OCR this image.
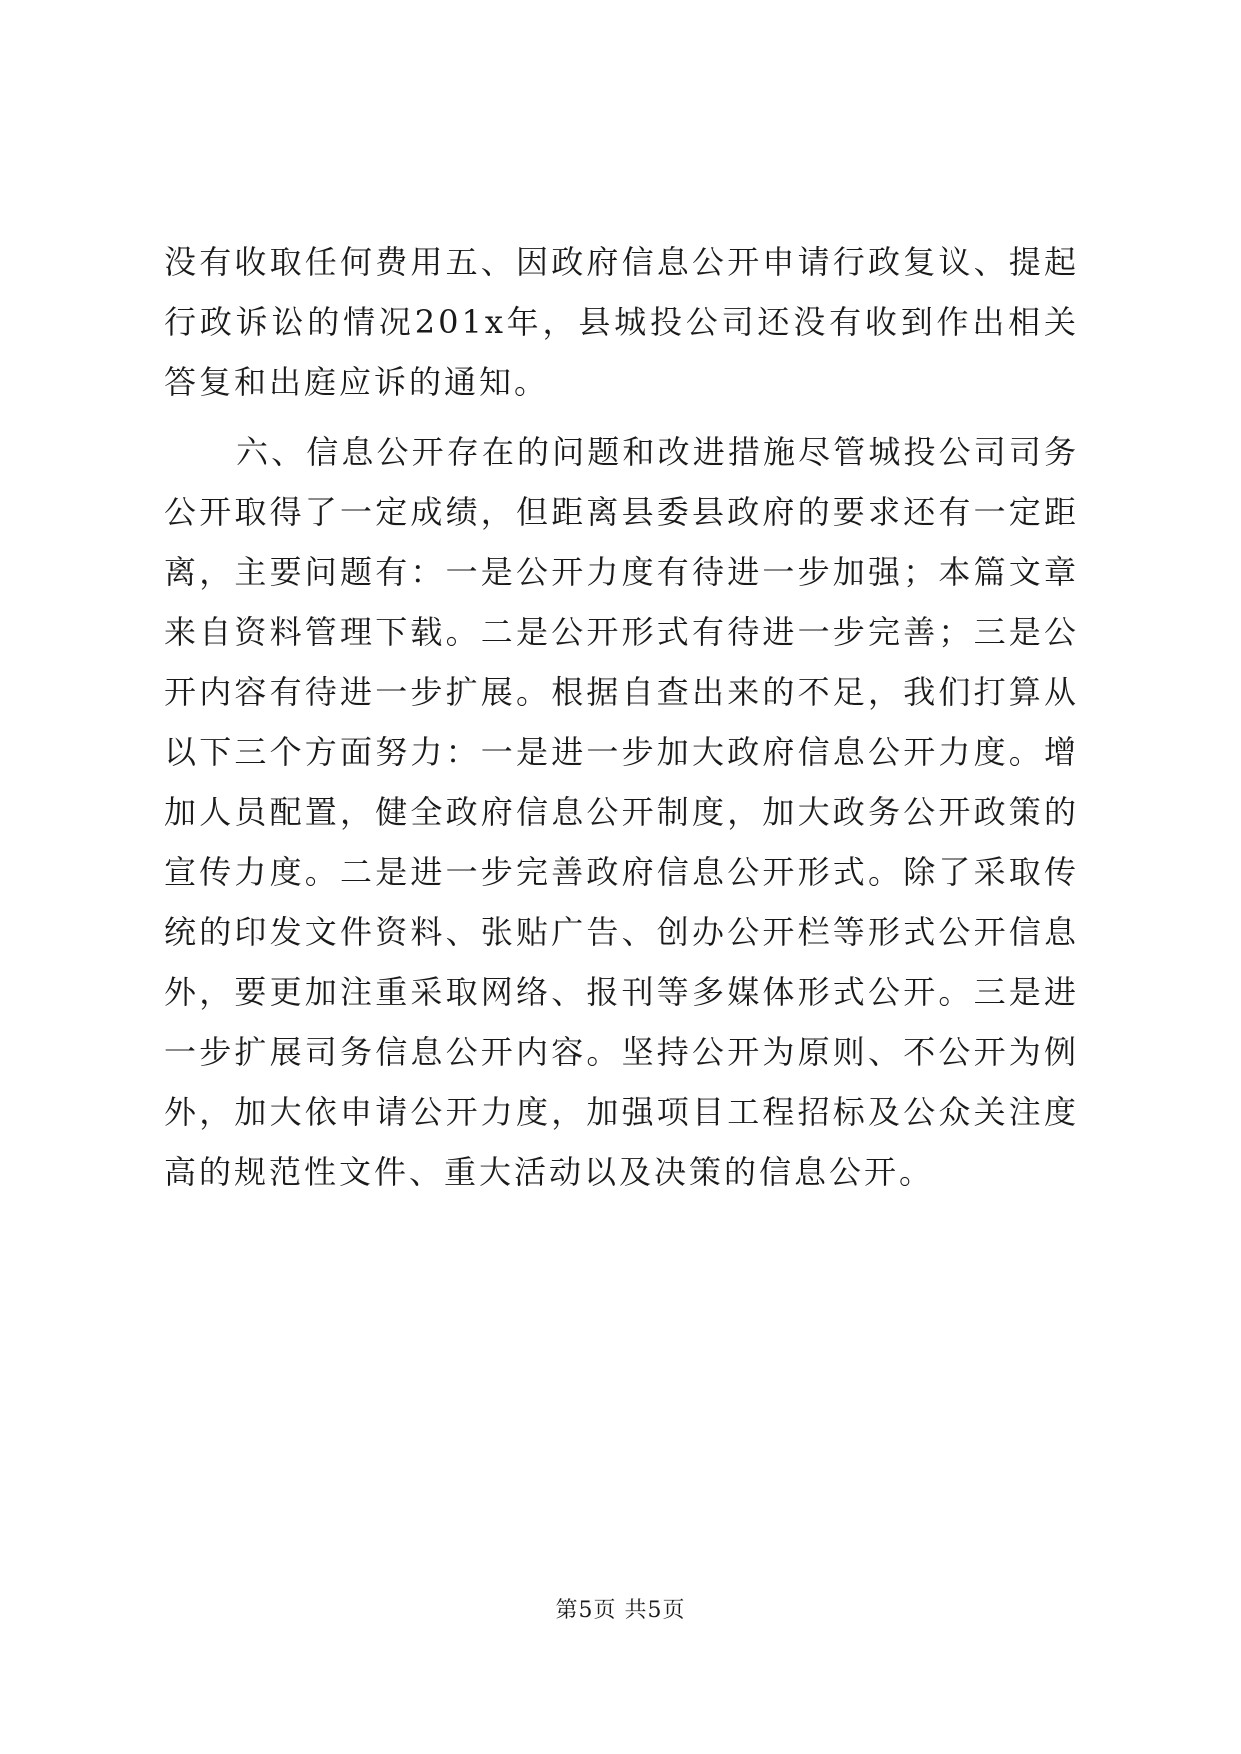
没有收取任何费用五、因政府信息公开申请行政复议、提起行政诉讼的情况201x年，县城投公司还没有收到作出相关答复和出庭应诉的通知。

六、信息公开存在的问题和改进措施尽管城投公司司务公开取得了一定成绩，但距离县委县政府的要求还有一定距离，主要问题有：一是公开力度有待进一步加强；本篇文章来自资料管理下载。二是公开形式有待进一步完善；三是公开内容有待进一步扩展。根据自查出来的不足，我们打算从以下三个方面努力：一是进一步加大政府信息公开力度。增加人员配置，健全政府信息公开制度，加大政务公开政策的宣传力度。二是进一步完善政府信息公开形式。除了采取传统的印发文件资料、张贴广告、创办公开栏等形式公开信息外，要更加注重采取网络、报刊等多媒体形式公开。三是进一步扩展司务信息公开内容。坚持公开为原则、不公开为例外，加大依申请公开力度，加强项目工程招标及公众关注度高的规范性文件、重大活动以及决策的信息公开。

第5页 共5页
